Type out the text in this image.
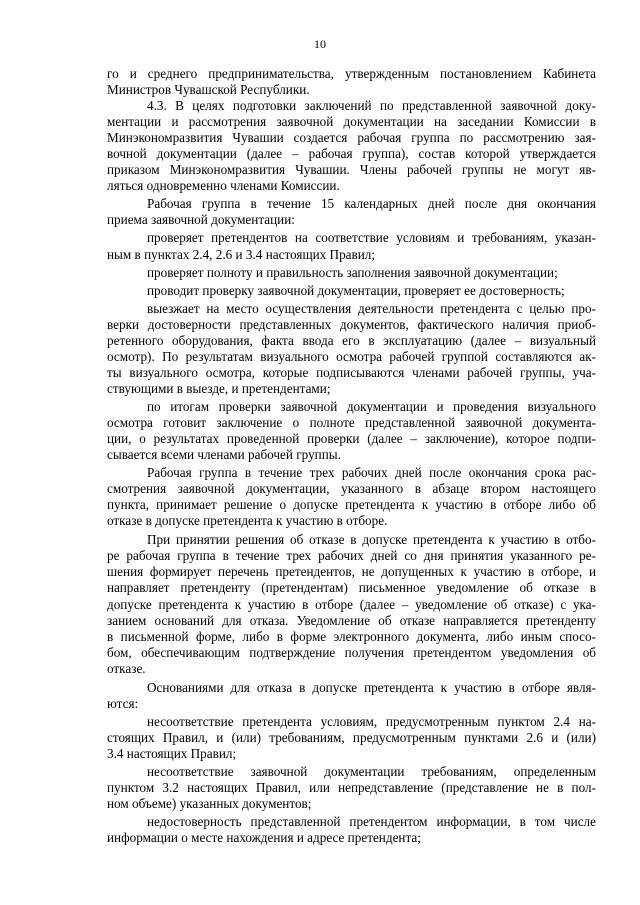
10

го и среднего предпринимательства, утвержденным постановлением Кабинета
Министров Чувашской Республики.

4.3. В целях подготовки заключений по представленной заявочной доку-
ментации и рассмотрения заявочной документации на заседании Комиссии в
Минэкономразвития Чувашии создается рабочая группа по рассмотрению зая-
вочной документации (далее – рабочая группа), состав которой утверждается
приказом Минэкономразвития Чувашии. Члены рабочей группы не могут яв-
ляться одновременно членами Комиссии.

Рабочая группа в течение 15 календарных дней после дня окончания
приема заявочной документации:

проверяет претендентов на соответствие условиям и требованиям, указан-
ным в пунктах 2.4, 2.6 и 3.4 настоящих Правил;

проверяет полноту и правильность заполнения заявочной документации;

проводит проверку заявочной документации, проверяет ее достоверность;

выезжает на место осуществления деятельности претендента с целью про-
верки достоверности представленных документов, фактического наличия приоб-
ретенного оборудования, факта ввода его в эксплуатацию (далее – визуальный
осмотр). По результатам визуального осмотра рабочей группой составляются ак-
ты визуального осмотра, которые подписываются членами рабочей группы, уча-
ствующими в выезде, и претендентами;

по итогам проверки заявочной документации и проведения визуального
осмотра готовит заключение о полноте представленной заявочной документа-
ции, о результатах проведенной проверки (далее – заключение), которое подпи-
сывается всеми членами рабочей группы.

Рабочая группа в течение трех рабочих дней после окончания срока рас-
смотрения заявочной документации, указанного в абзаце втором настоящего
пункта, принимает решение о допуске претендента к участию в отборе либо об
отказе в допуске претендента к участию в отборе.

При принятии решения об отказе в допуске претендента к участию в отбо-
ре рабочая группа в течение трех рабочих дней со дня принятия указанного ре-
шения формирует перечень претендентов, не допущенных к участию в отборе, и
направляет претенденту (претендентам) письменное уведомление об отказе в
допуске претендента к участию в отборе (далее – уведомление об отказе) с ука-
занием оснований для отказа. Уведомление об отказе направляется претенденту
в письменной форме, либо в форме электронного документа, либо иным спосо-
бом, обеспечивающим подтверждение получения претендентом уведомления об
отказе.

Основаниями для отказа в допуске претендента к участию в отборе явля-
ются:

несоответствие претендента условиям, предусмотренным пунктом 2.4 на-
стоящих Правил, и (или) требованиям, предусмотренным пунктами 2.6 и (или)
3.4 настоящих Правил;

несоответствие заявочной документации требованиям, определенным
пунктом 3.2 настоящих Правил, или непредставление (представление не в пол-
ном объеме) указанных документов;

недостоверность представленной претендентом информации, в том числе
информации о месте нахождения и адресе претендента;
